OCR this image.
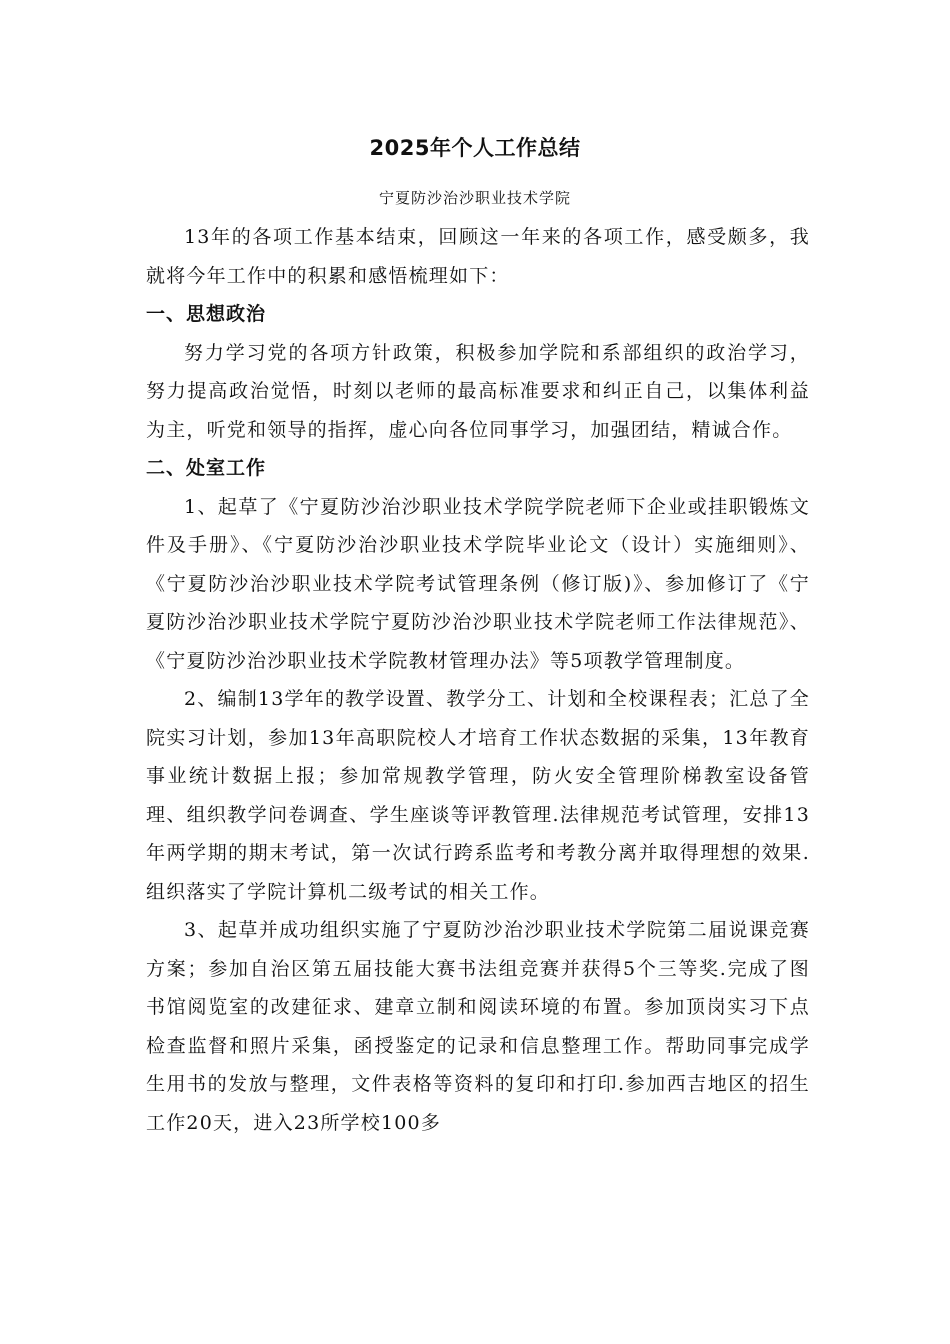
2025年个人工作总结
宁夏防沙治沙职业技术学院

13年的各项工作基本结束，回顾这一年来的各项工作，感受颇多，我就将今年工作中的积累和感悟梳理如下：

一、思想政治

努力学习党的各项方针政策，积极参加学院和系部组织的政治学习，努力提高政治觉悟，时刻以老师的最高标准要求和纠正自己，以集体利益为主，听党和领导的指挥，虚心向各位同事学习，加强团结，精诚合作。

二、处室工作

1、起草了《宁夏防沙治沙职业技术学院学院老师下企业或挂职锻炼文件及手册》、《宁夏防沙治沙职业技术学院毕业论文（设计）实施细则》、《宁夏防沙治沙职业技术学院考试管理条例（修订版)》、参加修订了《宁夏防沙治沙职业技术学院宁夏防沙治沙职业技术学院老师工作法律规范》、《宁夏防沙治沙职业技术学院教材管理办法》等5项教学管理制度。

2、编制13学年的教学设置、教学分工、计划和全校课程表；汇总了全院实习计划，参加13年高职院校人才培育工作状态数据的采集，13年教育事业统计数据上报；参加常规教学管理，防火安全管理阶梯教室设备管理、组织教学问卷调查、学生座谈等评教管理.法律规范考试管理，安排13年两学期的期末考试，第一次试行跨系监考和考教分离并取得理想的效果.组织落实了学院计算机二级考试的相关工作。

3、起草并成功组织实施了宁夏防沙治沙职业技术学院第二届说课竞赛方案；参加自治区第五届技能大赛书法组竞赛并获得5个三等奖.完成了图书馆阅览室的改建征求、建章立制和阅读环境的布置。参加顶岗实习下点检查监督和照片采集，函授鉴定的记录和信息整理工作。帮助同事完成学生用书的发放与整理，文件表格等资料的复印和打印.参加西吉地区的招生工作20天，进入23所学校100多
